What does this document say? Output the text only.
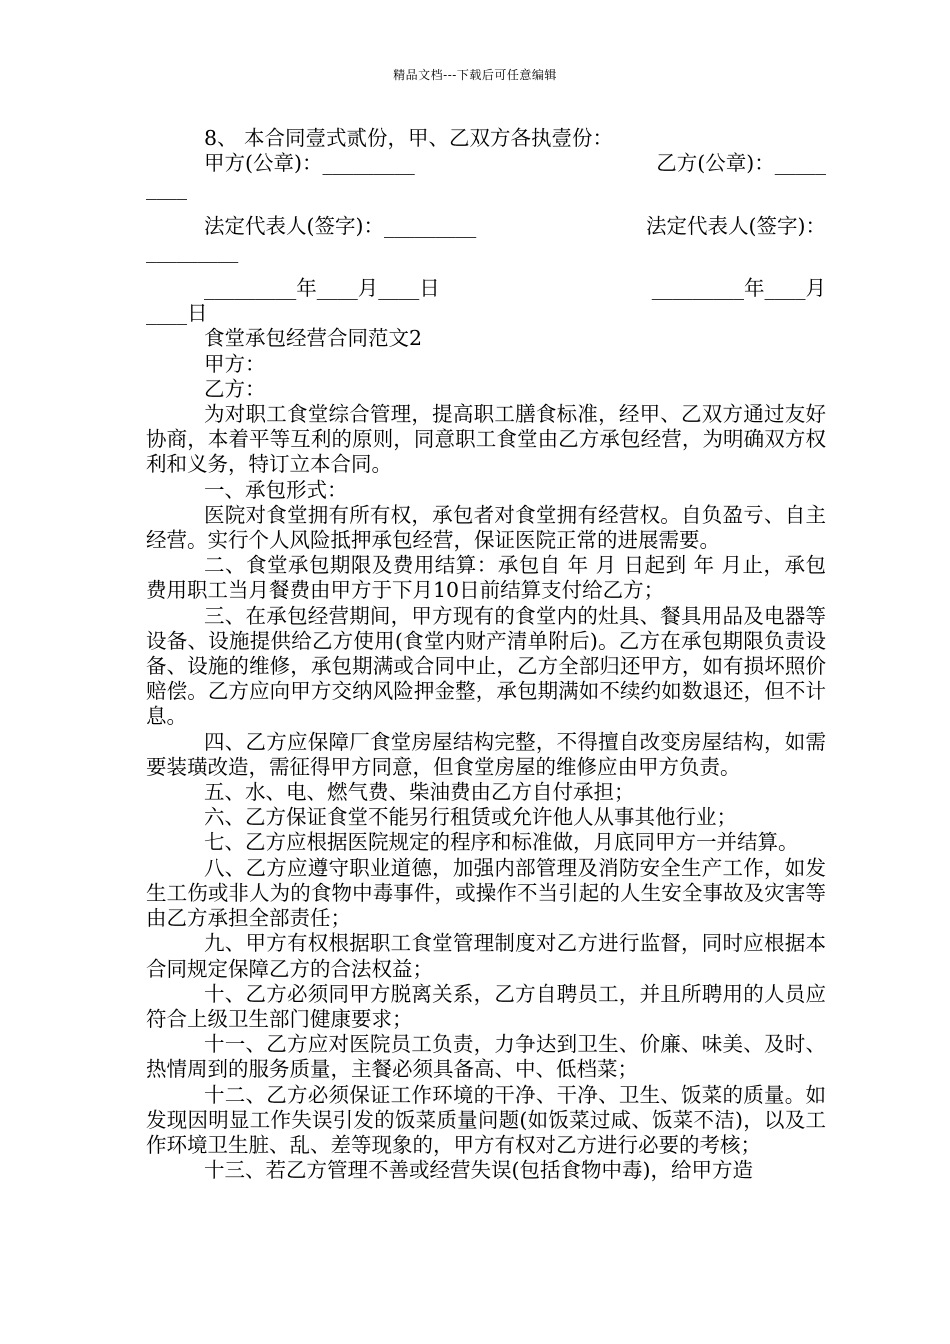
精品文档---下载后可任意编辑

8、 本合同壹式贰份，甲、乙双方各执壹份：

甲方(公章)：_________	乙方(公章)：_____
____
法定代表人(签字)：_________	法定代表人(签字)：
_________
_________年____月____日	_________年____月
____日

食堂承包经营合同范文2

甲方：

乙方：

为对职工食堂综合管理，提高职工膳食标准，经甲、乙双方通过友好协商，本着平等互利的原则，同意职工食堂由乙方承包经营，为明确双方权利和义务，特订立本合同。

一、承包形式：

医院对食堂拥有所有权，承包者对食堂拥有经营权。自负盈亏、自主经营。实行个人风险抵押承包经营，保证医院正常的进展需要。

二、食堂承包期限及费用结算：承包自 年 月 日起到 年 月止，承包费用职工当月餐费由甲方于下月10日前结算支付给乙方；

三、在承包经营期间，甲方现有的食堂内的灶具、餐具用品及电器等设备、设施提供给乙方使用(食堂内财产清单附后)。乙方在承包期限负责设备、设施的维修，承包期满或合同中止，乙方全部归还甲方，如有损坏照价赔偿。乙方应向甲方交纳风险押金整，承包期满如不续约如数退还，但不计息。

四、乙方应保障厂食堂房屋结构完整，不得擅自改变房屋结构，如需要装璜改造，需征得甲方同意，但食堂房屋的维修应由甲方负责。

五、水、电、燃气费、柴油费由乙方自付承担；

六、乙方保证食堂不能另行租赁或允许他人从事其他行业；

七、乙方应根据医院规定的程序和标准做，月底同甲方一并结算。

八、乙方应遵守职业道德，加强内部管理及消防安全生产工作，如发生工伤或非人为的食物中毒事件，或操作不当引起的人生安全事故及灾害等由乙方承担全部责任；

九、甲方有权根据职工食堂管理制度对乙方进行监督，同时应根据本合同规定保障乙方的合法权益；

十、乙方必须同甲方脱离关系，乙方自聘员工，并且所聘用的人员应符合上级卫生部门健康要求；

十一、乙方应对医院员工负责，力争达到卫生、价廉、味美、及时、热情周到的服务质量，主餐必须具备高、中、低档菜；

十二、乙方必须保证工作环境的干净、干净、卫生、饭菜的质量。如发现因明显工作失误引发的饭菜质量问题(如饭菜过咸、饭菜不洁)，以及工作环境卫生脏、乱、差等现象的，甲方有权对乙方进行必要的考核；

十三、若乙方管理不善或经营失误(包括食物中毒)，给甲方造
